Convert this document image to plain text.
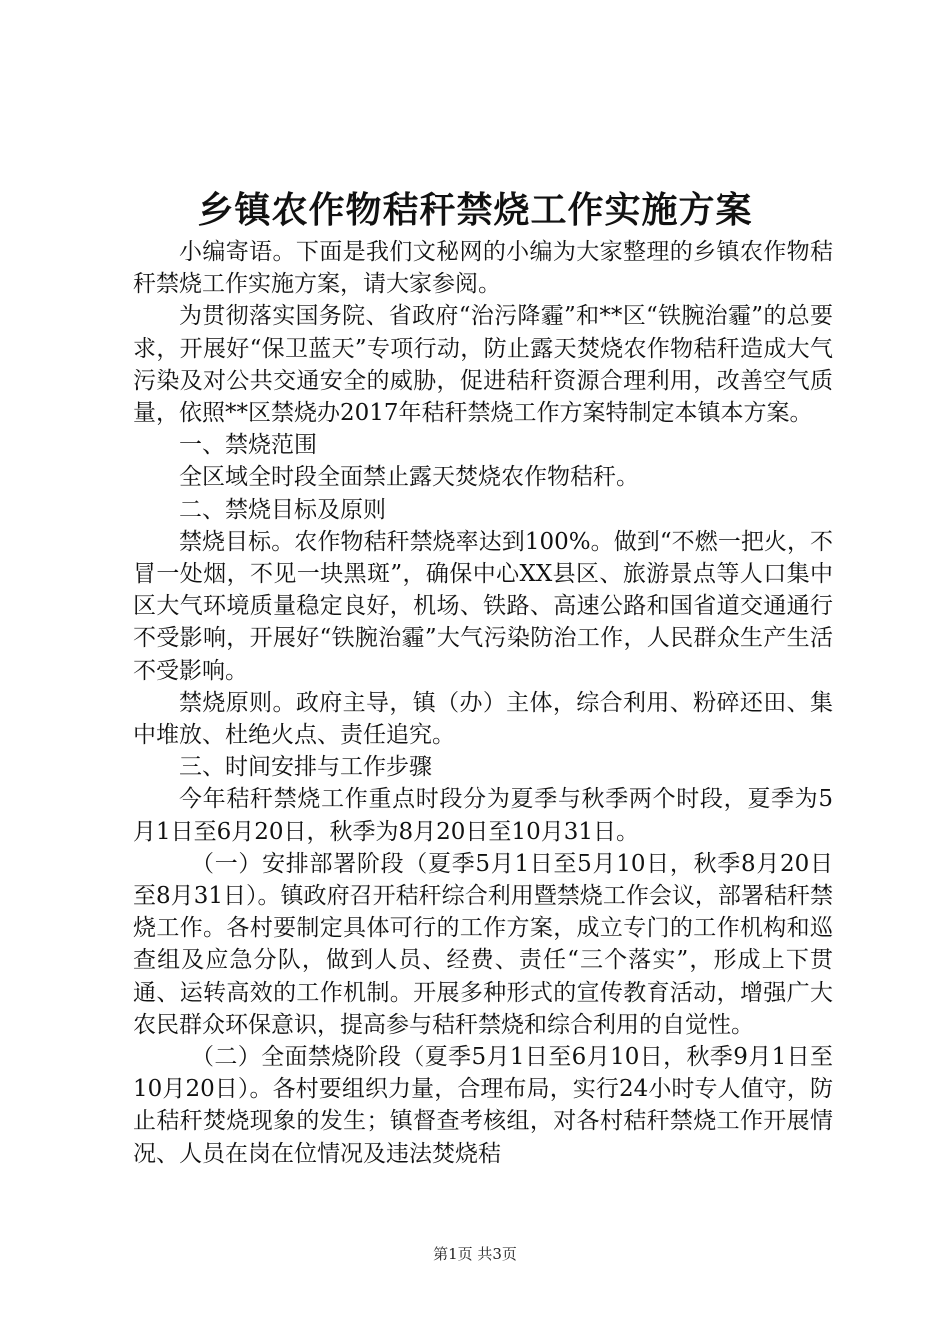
乡镇农作物秸秆禁烧工作实施方案

小编寄语。下面是我们文秘网的小编为大家整理的乡镇农作物秸秆禁烧工作实施方案，请大家参阅。

为贯彻落实国务院、省政府“治污降霾”和**区“铁腕治霾”的总要求，开展好“保卫蓝天”专项行动，防止露天焚烧农作物秸秆造成大气污染及对公共交通安全的威胁，促进秸秆资源合理利用，改善空气质量，依照**区禁烧办2017年秸秆禁烧工作方案特制定本镇本方案。

一、禁烧范围

全区域全时段全面禁止露天焚烧农作物秸秆。

二、禁烧目标及原则

禁烧目标。农作物秸秆禁烧率达到100%。做到“不燃一把火，不冒一处烟，不见一块黑斑”，确保中心XX县区、旅游景点等人口集中区大气环境质量稳定良好，机场、铁路、高速公路和国省道交通通行不受影响，开展好“铁腕治霾”大气污染防治工作，人民群众生产生活不受影响。

禁烧原则。政府主导，镇（办）主体，综合利用、粉碎还田、集中堆放、杜绝火点、责任追究。

三、时间安排与工作步骤

今年秸秆禁烧工作重点时段分为夏季与秋季两个时段，夏季为5月1日至6月20日，秋季为8月20日至10月31日。

（一）安排部署阶段（夏季5月1日至5月10日，秋季8月20日至8月31日）。镇政府召开秸秆综合利用暨禁烧工作会议，部署秸秆禁烧工作。各村要制定具体可行的工作方案，成立专门的工作机构和巡查组及应急分队，做到人员、经费、责任“三个落实”，形成上下贯通、运转高效的工作机制。开展多种形式的宣传教育活动，增强广大农民群众环保意识，提高参与秸秆禁烧和综合利用的自觉性。

（二）全面禁烧阶段（夏季5月1日至6月10日，秋季9月1日至10月20日）。各村要组织力量，合理布局，实行24小时专人值守，防止秸秆焚烧现象的发生；镇督查考核组，对各村秸秆禁烧工作开展情况、人员在岗在位情况及违法焚烧秸

第1页 共3页
